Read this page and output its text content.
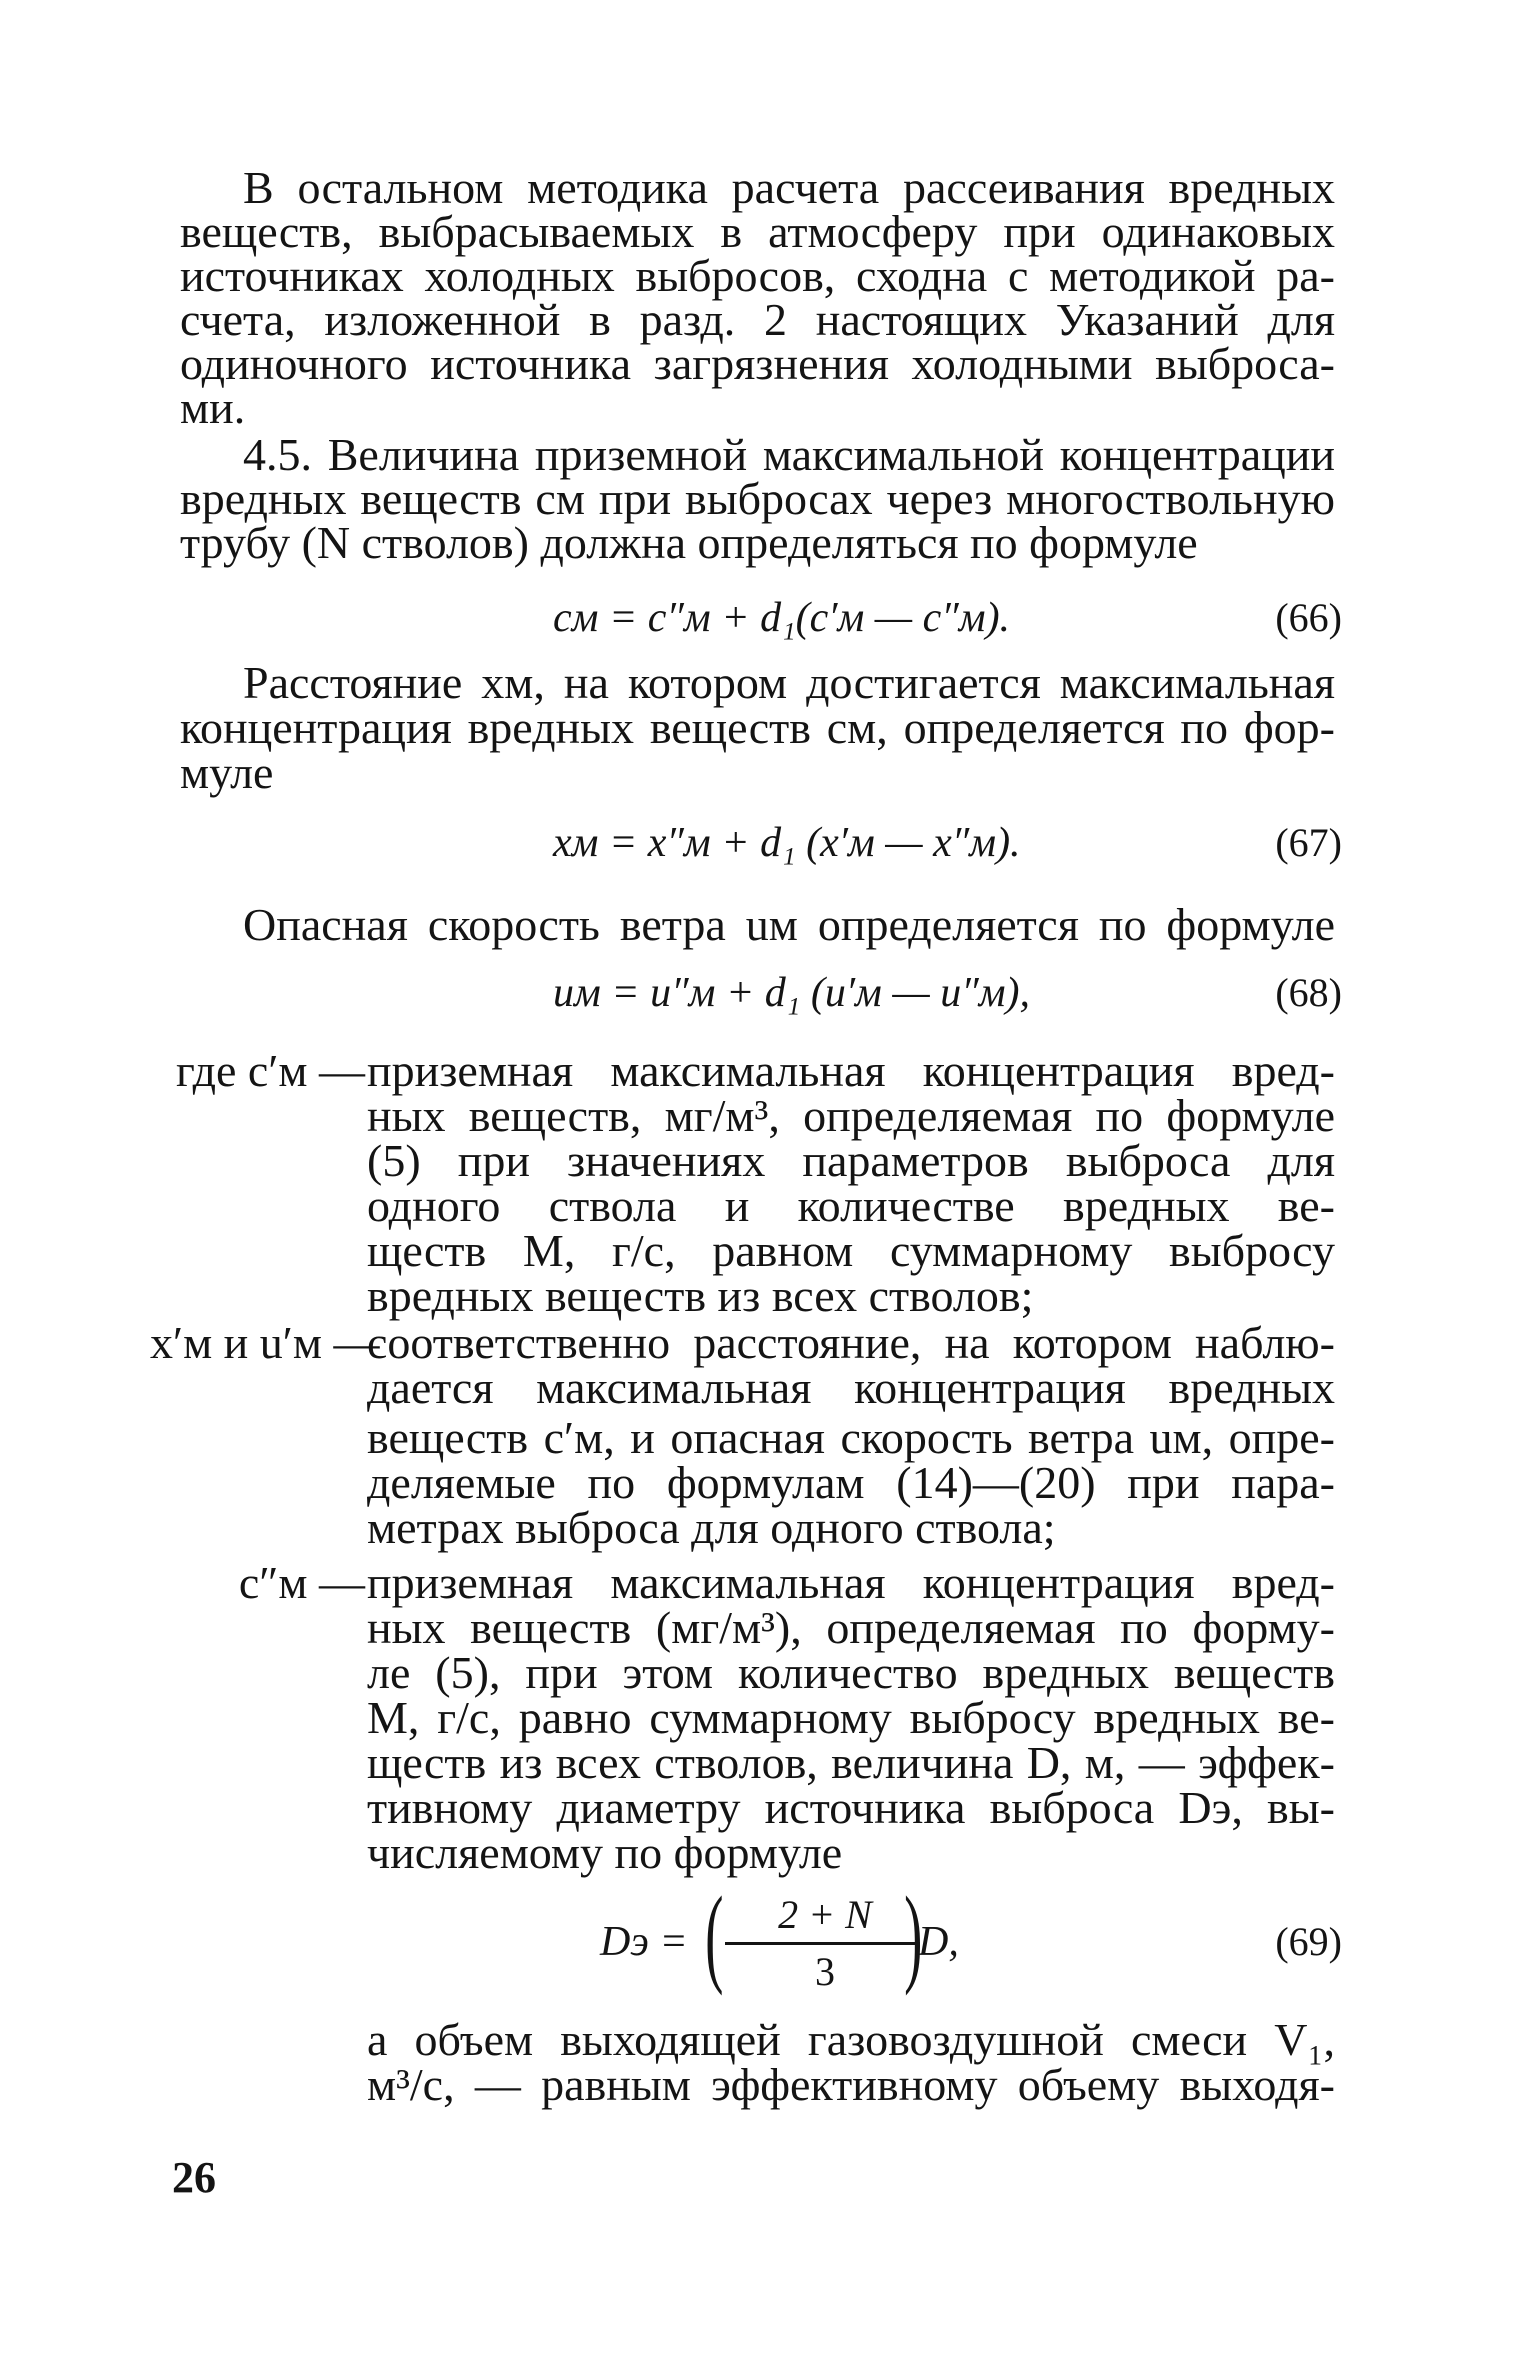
В остальном методика расчета рассеивания вредных
веществ, выбрасываемых в атмосферу при одинаковых
источниках холодных выбросов, сходна с методикой ра-
счета, изложенной в разд. 2 настоящих Указаний для
одиночного источника загрязнения холодными выброса-
ми.
4.5. Величина приземной максимальной концентрации
вредных веществ cм при выбросах через многоствольную
трубу (N стволов) должна определяться по формуле
cм = c″м + d₁(c′м — c″м).	(66)
Расстояние xм, на котором достигается максимальная
концентрация вредных веществ cм, определяется по фор-
муле
xм = x″м + d₁ (x′м — x″м).	(67)
Опасная скорость ветра uм определяется по формуле
uм = u″м + d₁ (u′м — u″м),	(68)
где c′м — приземная максимальная концентрация вред-
ных веществ, мг/м³, определяемая по формуле
(5) при значениях параметров выброса для
одного ствола и количестве вредных ве-
ществ M, г/с, равном суммарному выбросу
вредных веществ из всех стволов;
x′м и u′м —
соответственно расстояние, на котором наблю-
дается максимальная концентрация вредных
веществ c′м, и опасная скорость ветра uм, опре-
деляемые по формулам (14)—(20) при пара-
метрах выброса для одного ствола;
c″м — приземная максимальная концентрация вред-
ных веществ (мг/м³), определяемая по форму-
ле (5), при этом количество вредных веществ
M, г/с, равно суммарному выбросу вредных ве-
ществ из всех стволов, величина D, м, — эффек-
тивному диаметру источника выброса Dэ, вы-
числяемому по формуле
Dэ = (	2 + N
3 )
D,	(69)
а объем выходящей газовоздушной смеси V₁,
м³/с, — равным эффективному объему выходя-
26
